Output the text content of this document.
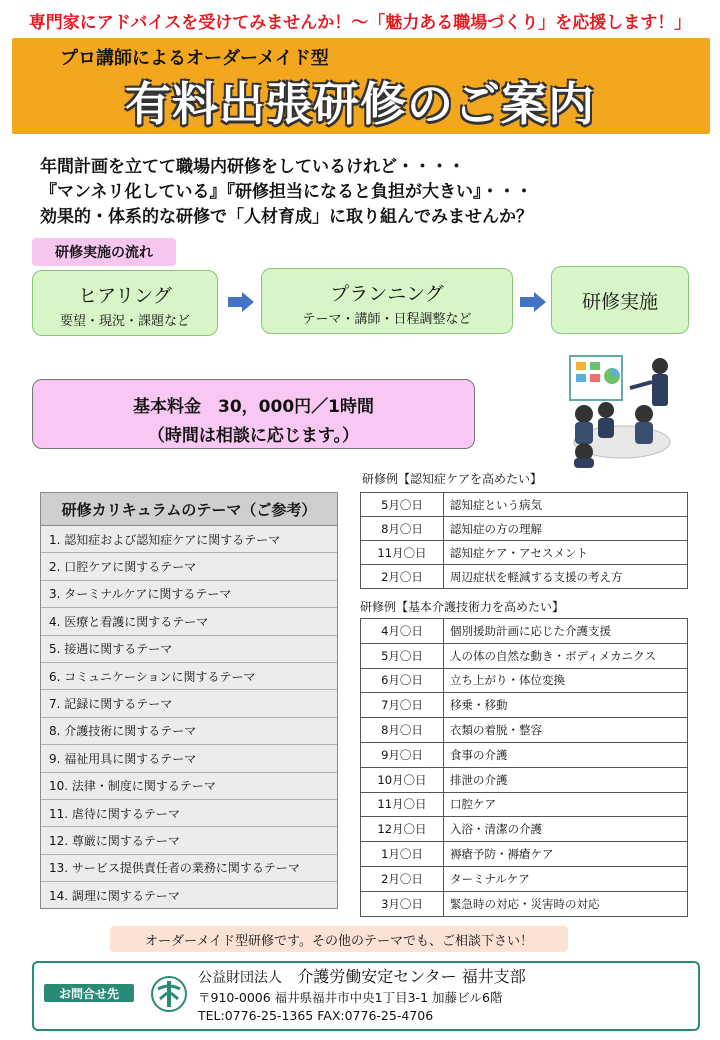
専門家にアドバイスを受けてみませんか！～「魅力ある職場づくり」を応援します！」
プロ講師によるオーダーメイド型
有料出張研修のご案内
年間計画を立てて職場内研修をしているけれど・・・・
『マンネリ化している』『研修担当になると負担が大きい』・・・
効果的・体系的な研修で「人材育成」に取り組んでみませんか？
研修実施の流れ
ヒアリング
要望・現況・課題など
プランニング
テーマ・講師・日程調整など
研修実施
基本料金　30，000円／1時間
（時間は相談に応じます。）
研修カリキュラムのテーマ（ご参考）
1. 認知症および認知症ケアに関するテーマ
2. 口腔ケアに関するテーマ
3. ターミナルケアに関するテーマ
4. 医療と看護に関するテーマ
5. 接遇に関するテーマ
6. コミュニケーションに関するテーマ
7. 記録に関するテーマ
8. 介護技術に関するテーマ
9. 福祉用具に関するテーマ
10. 法律・制度に関するテーマ
11. 虐待に関するテーマ
12. 尊厳に関するテーマ
13. サービス提供責任者の業務に関するテーマ
14. 調理に関するテーマ
研修例【認知症ケアを高めたい】
5月〇日	認知症という病気
8月〇日	認知症の方の理解
11月〇日	認知症ケア・アセスメント
2月〇日	周辺症状を軽減する支援の考え方
研修例【基本介護技術力を高めたい】
4月〇日	個別援助計画に応じた介護支援
5月〇日	人の体の自然な動き・ボディメカニクス
6月〇日	立ち上がり・体位変換
7月〇日	移乗・移動
8月〇日	衣類の着脱・整容
9月〇日	食事の介護
10月〇日	排泄の介護
11月〇日	口腔ケア
12月〇日	入浴・清潔の介護
1月〇日	褥瘡予防・褥瘡ケア
2月〇日	ターミナルケア
3月〇日	緊急時の対応・災害時の対応
オーダーメイド型研修です。その他のテーマでも、ご相談下さい！
お問合せ先
公益財団法人 介護労働安定センター 福井支部
〒910-0006 福井県福井市中央1丁目3-1 加藤ビル6階
TEL:0776-25-1365 FAX:0776-25-4706
